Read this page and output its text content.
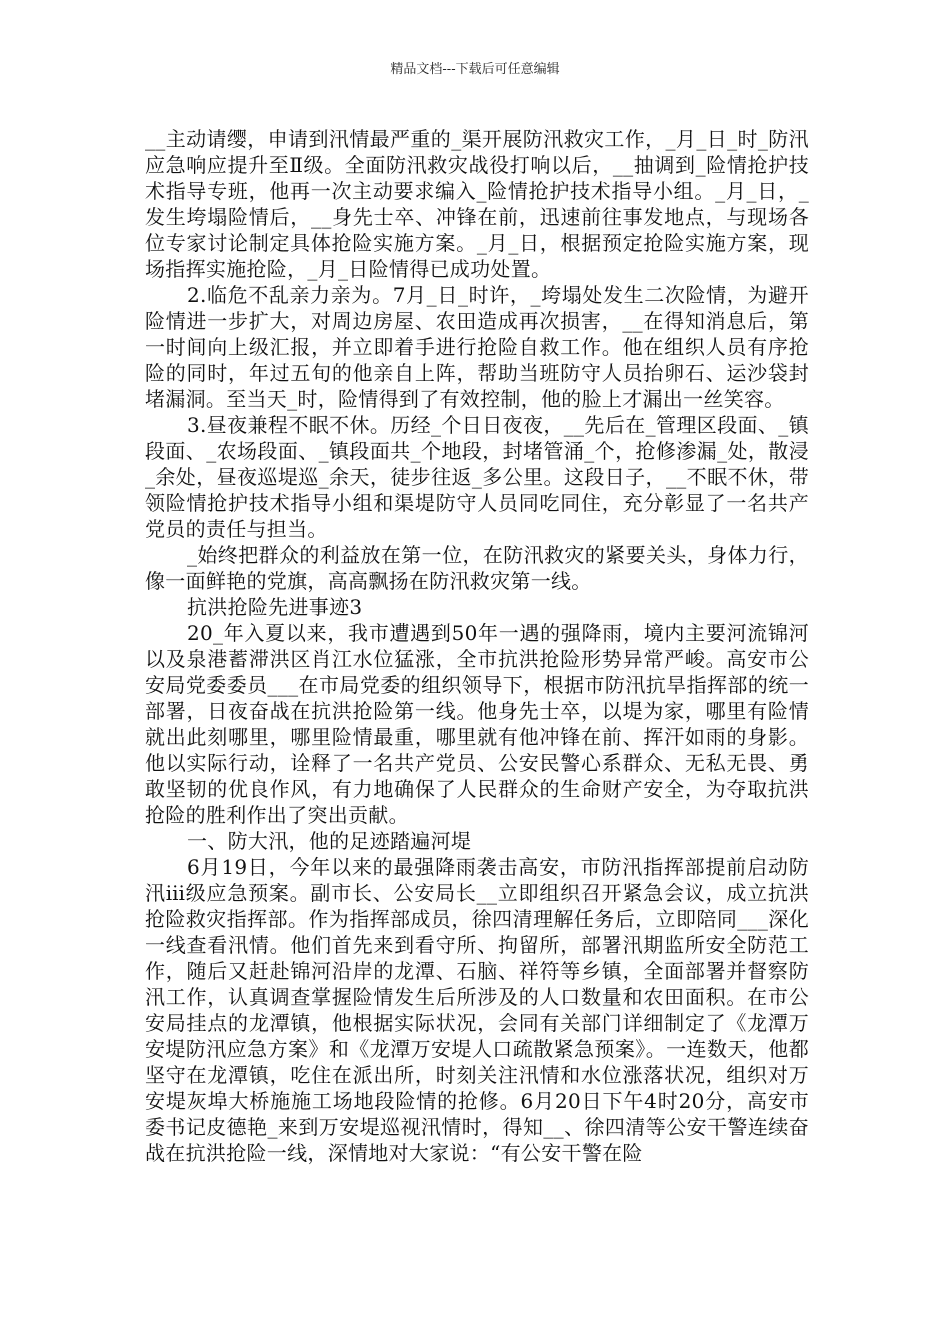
精品文档---下载后可任意编辑

__主动请缨，申请到汛情最严重的_渠开展防汛救灾工作，_月_日_时_防汛应急响应提升至Ⅱ级。全面防汛救灾战役打响以后，__抽调到_险情抢护技术指导专班，他再一次主动要求编入_险情抢护技术指导小组。_月_日，_发生垮塌险情后，__身先士卒、冲锋在前，迅速前往事发地点，与现场各位专家讨论制定具体抢险实施方案。_月_日，根据预定抢险实施方案，现场指挥实施抢险，_月_日险情得已成功处置。

2.临危不乱亲力亲为。7月_日_时许，_垮塌处发生二次险情，为避开险情进一步扩大，对周边房屋、农田造成再次损害，__在得知消息后，第一时间向上级汇报，并立即着手进行抢险自救工作。他在组织人员有序抢险的同时，年过五旬的他亲自上阵，帮助当班防守人员抬卵石、运沙袋封堵漏洞。至当天_时，险情得到了有效控制，他的脸上才漏出一丝笑容。

3.昼夜兼程不眠不休。历经_个日日夜夜，__先后在_管理区段面、_镇段面、_农场段面、_镇段面共_个地段，封堵管涌_个，抢修渗漏_处，散浸_余处，昼夜巡堤巡_余天，徒步往返_多公里。这段日子，__不眠不休，带领险情抢护技术指导小组和渠堤防守人员同吃同住，充分彰显了一名共产党员的责任与担当。

_始终把群众的利益放在第一位，在防汛救灾的紧要关头，身体力行，像一面鲜艳的党旗，高高飘扬在防汛救灾第一线。

抗洪抢险先进事迹3

20_年入夏以来，我市遭遇到50年一遇的强降雨，境内主要河流锦河以及泉港蓄滞洪区肖江水位猛涨，全市抗洪抢险形势异常严峻。高安市公安局党委委员___在市局党委的组织领导下，根据市防汛抗旱指挥部的统一部署，日夜奋战在抗洪抢险第一线。他身先士卒，以堤为家，哪里有险情就出此刻哪里，哪里险情最重，哪里就有他冲锋在前、挥汗如雨的身影。他以实际行动，诠释了一名共产党员、公安民警心系群众、无私无畏、勇敢坚韧的优良作风，有力地确保了人民群众的生命财产安全，为夺取抗洪抢险的胜利作出了突出贡献。

一、防大汛，他的足迹踏遍河堤

6月19日，今年以来的最强降雨袭击高安，市防汛指挥部提前启动防汛ⅲ级应急预案。副市长、公安局长__立即组织召开紧急会议，成立抗洪抢险救灾指挥部。作为指挥部成员，徐四清理解任务后，立即陪同___深化一线查看汛情。他们首先来到看守所、拘留所，部署汛期监所安全防范工作，随后又赶赴锦河沿岸的龙潭、石脑、祥符等乡镇，全面部署并督察防汛工作，认真调查掌握险情发生后所涉及的人口数量和农田面积。在市公安局挂点的龙潭镇，他根据实际状况，会同有关部门详细制定了《龙潭万安堤防汛应急方案》和《龙潭万安堤人口疏散紧急预案》。一连数天，他都坚守在龙潭镇，吃住在派出所，时刻关注汛情和水位涨落状况，组织对万安堤灰埠大桥施施工场地段险情的抢修。6月20日下午4时20分，高安市委书记皮德艳_来到万安堤巡视汛情时，得知__、徐四清等公安干警连续奋战在抗洪抢险一线，深情地对大家说：“有公安干警在险
